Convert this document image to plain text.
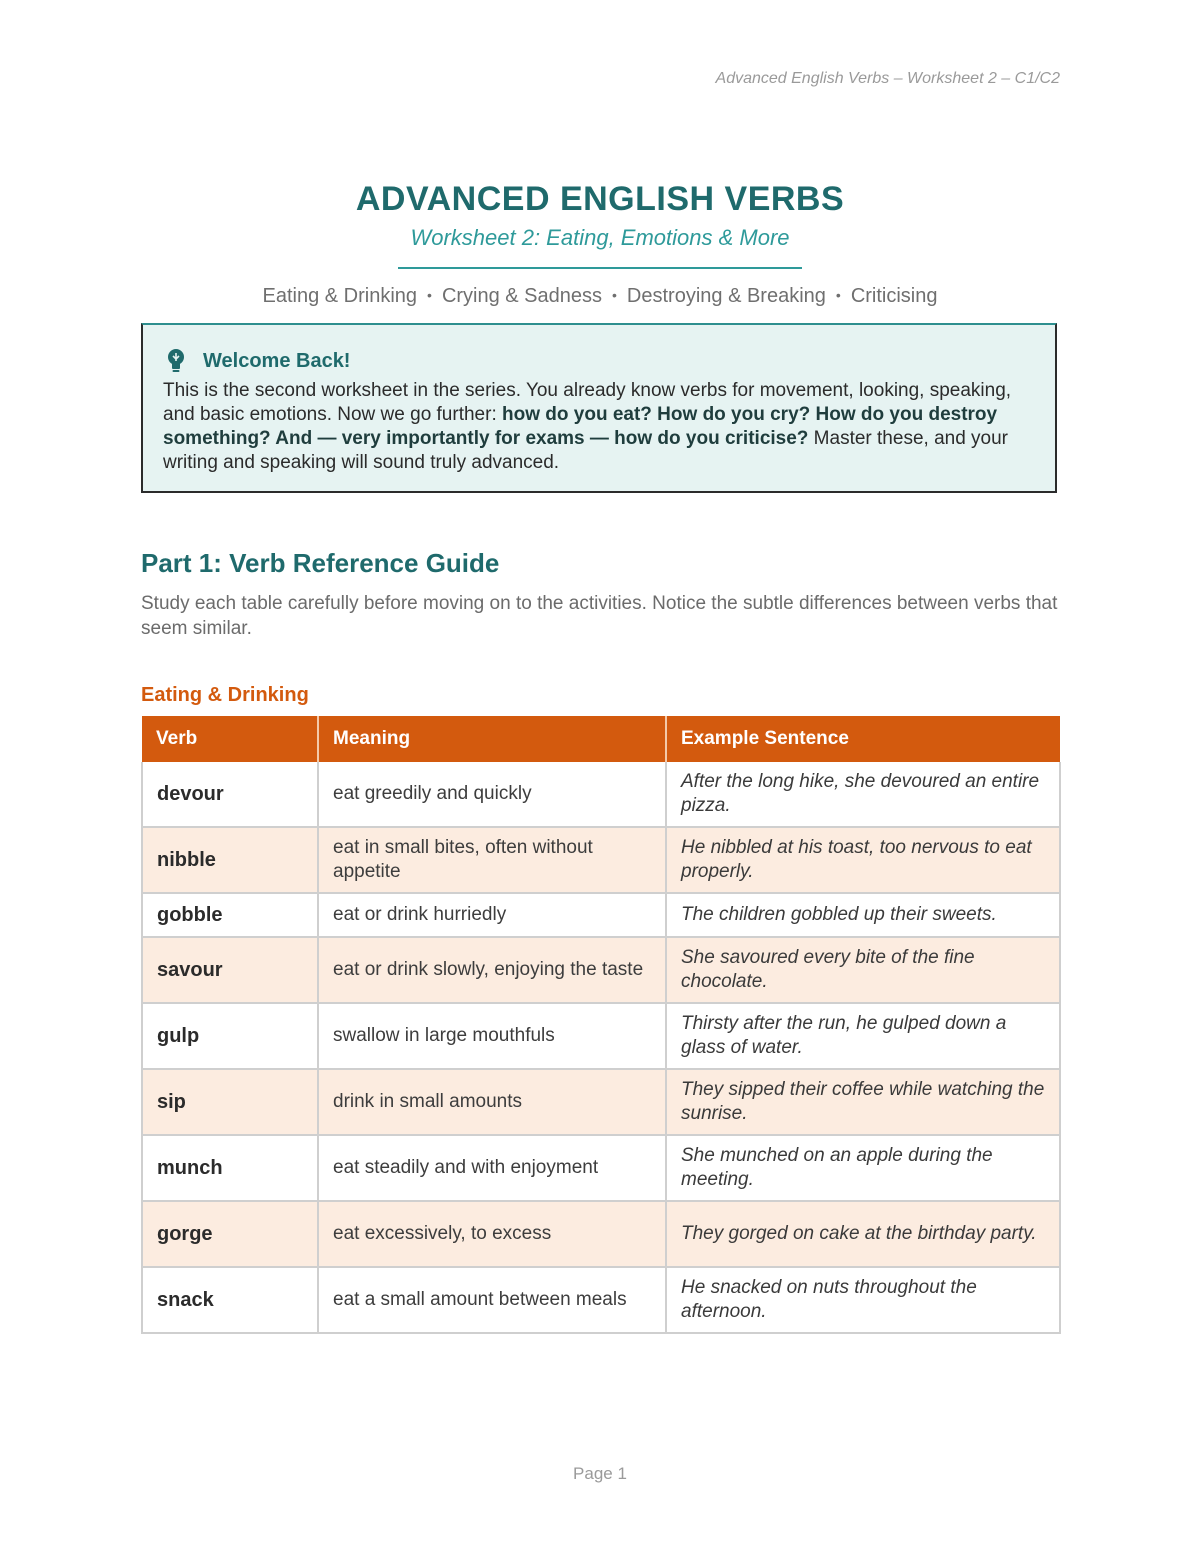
Advanced English Verbs – Worksheet 2 – C1/C2
ADVANCED ENGLISH VERBS
Worksheet 2: Eating, Emotions & More
Eating & Drinking • Crying & Sadness • Destroying & Breaking • Criticising
Welcome Back!
This is the second worksheet in the series. You already know verbs for movement, looking, speaking, and basic emotions. Now we go further: how do you eat? How do you cry? How do you destroy something? And — very importantly for exams — how do you criticise? Master these, and your writing and speaking will sound truly advanced.
Part 1: Verb Reference Guide

Study each table carefully before moving on to the activities. Notice the subtle differences between verbs that seem similar.

Eating & Drinking
Verb	Meaning	Example Sentence
devour	eat greedily and quickly	After the long hike, she devoured an entire pizza.
nibble	eat in small bites, often without appetite	He nibbled at his toast, too nervous to eat properly.
gobble	eat or drink hurriedly	The children gobbled up their sweets.
savour	eat or drink slowly, enjoying the taste	She savoured every bite of the fine chocolate.
gulp	swallow in large mouthfuls	Thirsty after the run, he gulped down a glass of water.
sip	drink in small amounts	They sipped their coffee while watching the sunrise.
munch	eat steadily and with enjoyment	She munched on an apple during the meeting.
gorge	eat excessively, to excess	They gorged on cake at the birthday party.
snack	eat a small amount between meals	He snacked on nuts throughout the afternoon.
Page 1
